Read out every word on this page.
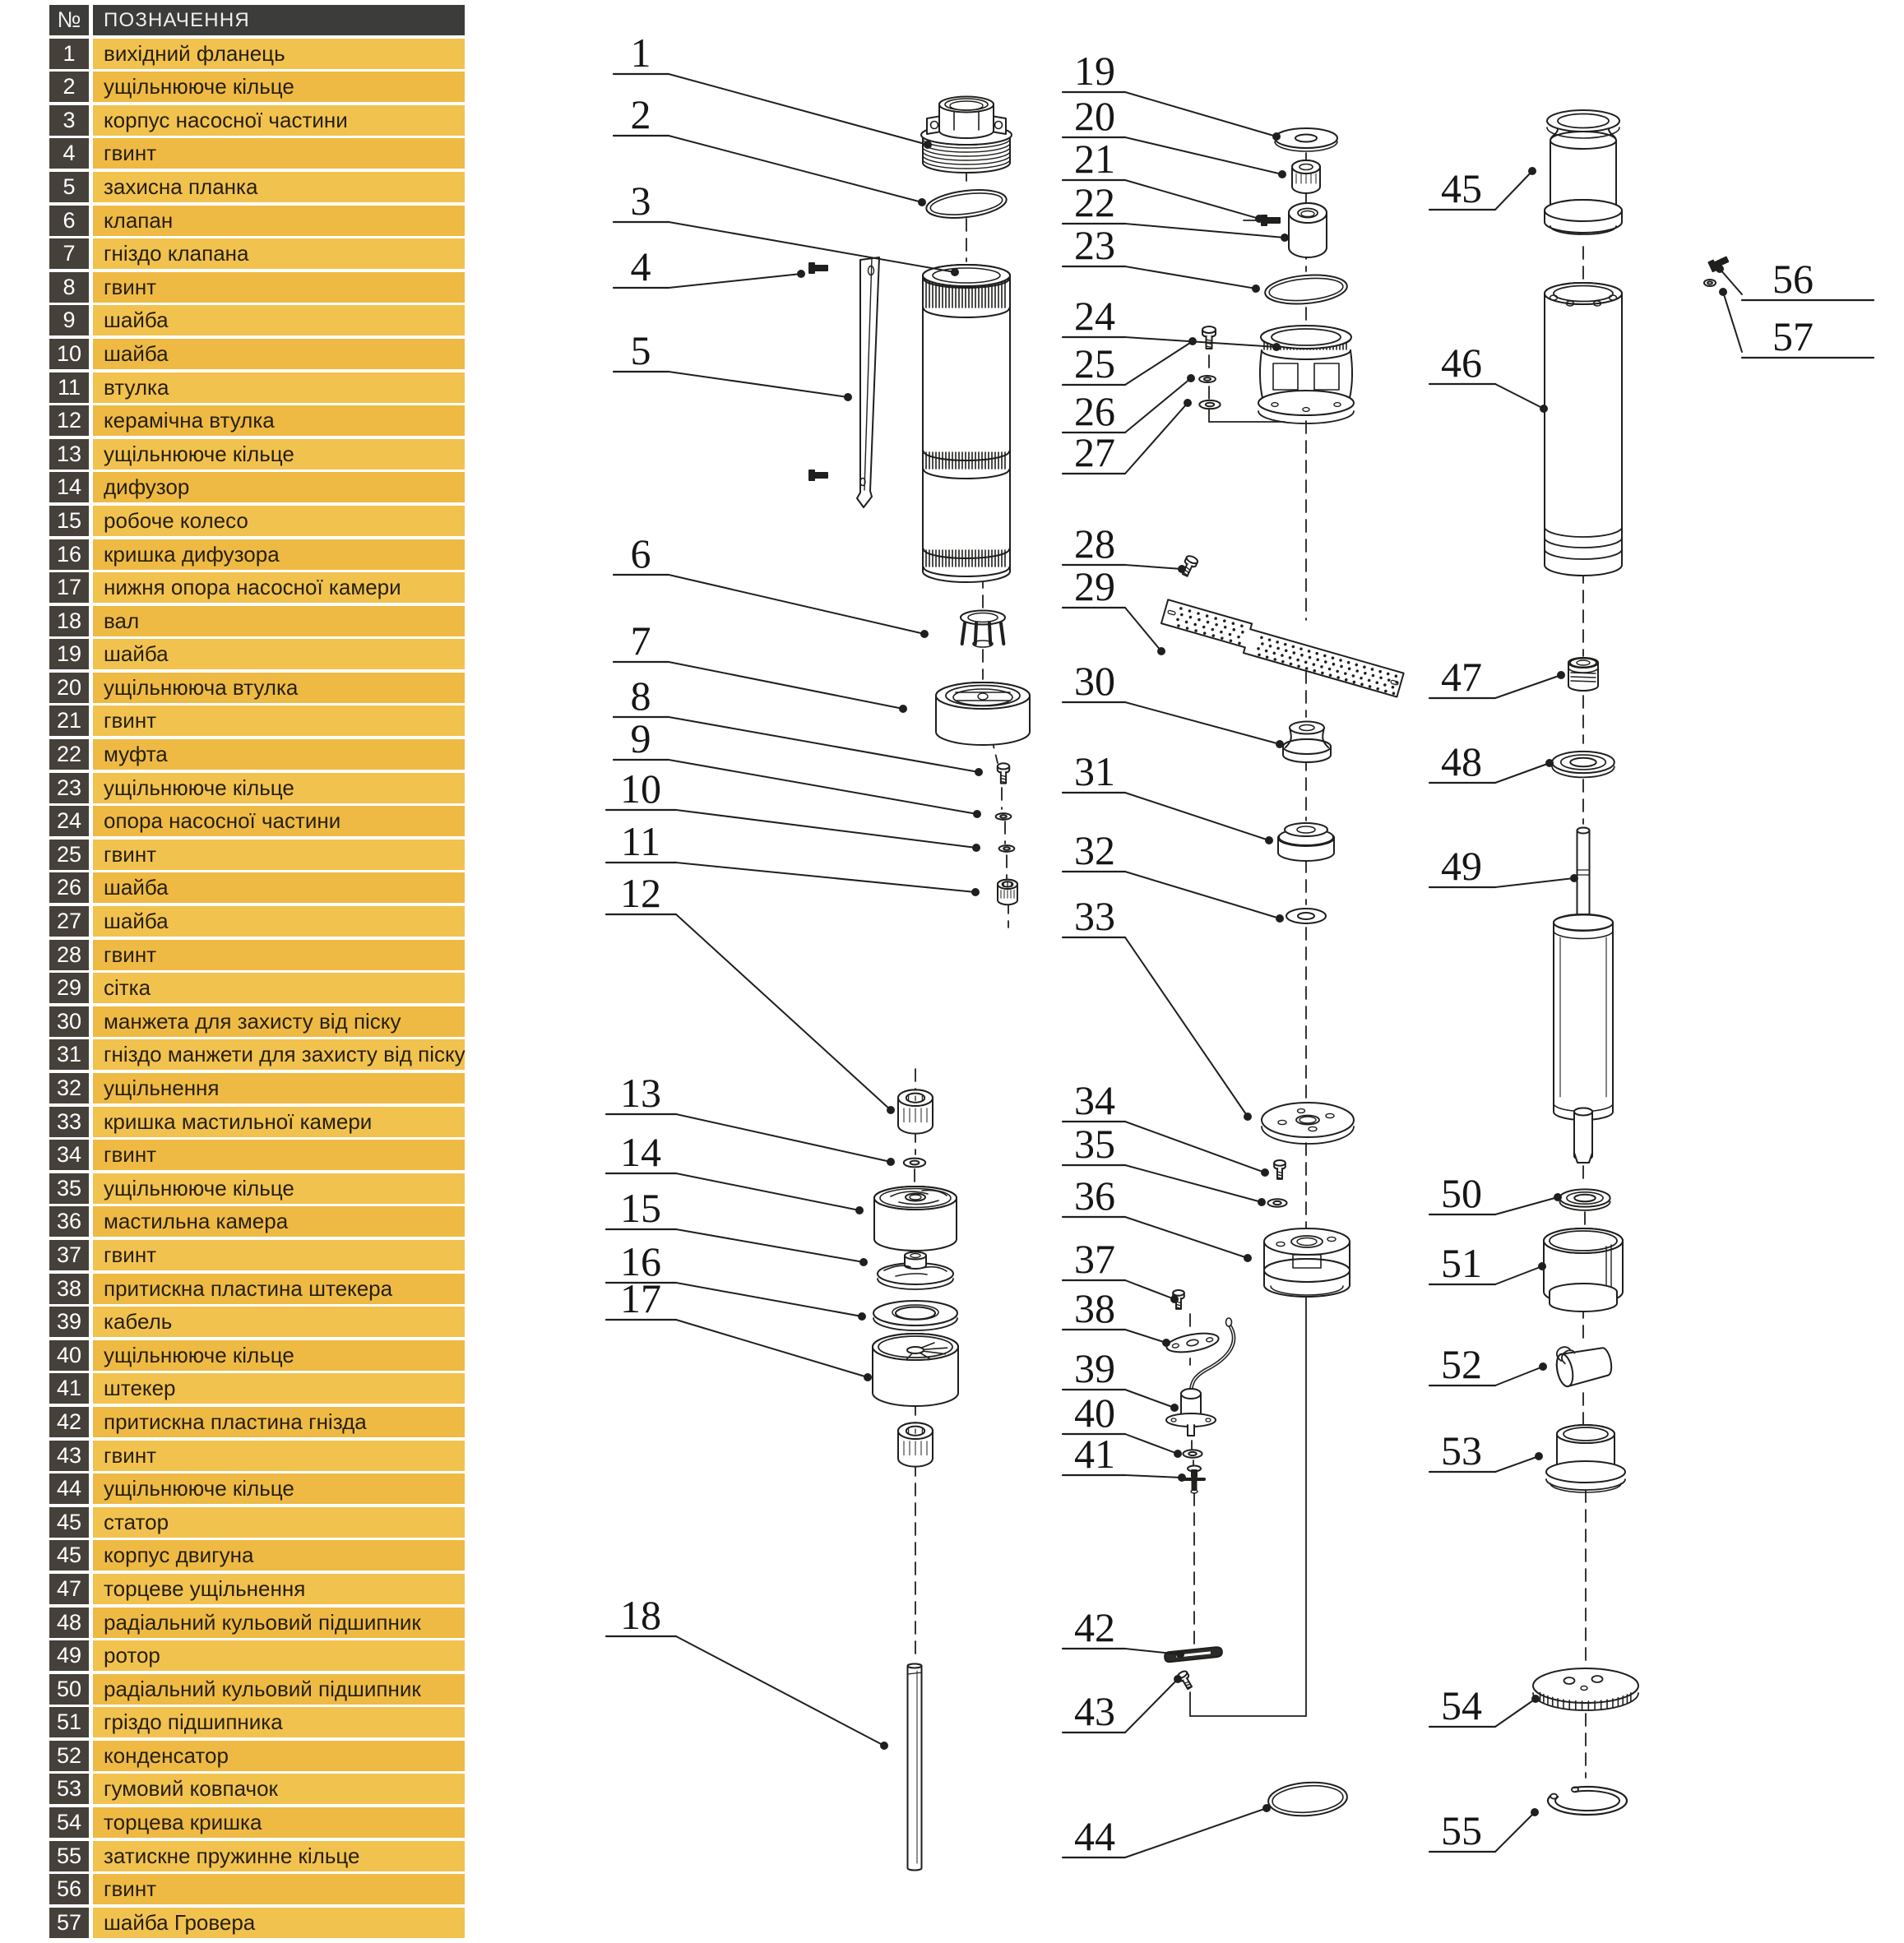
№	ПОЗНАЧЕННЯ
1	вихідний фланець
2	ущільнююче кільце
3	корпус насосної частини
4	гвинт
5	захисна планка
6	клапан
7	гніздо клапана
8	гвинт
9	шайба
10	шайба
11	втулка
12	керамічна втулка
13	ущільнююче кільце
14	дифузор
15	робоче колесо
16	кришка дифузора
17	нижня опора насосної камери
18	вал
19	шайба
20	ущільнююча втулка
21	гвинт
22	муфта
23	ущільнююче кільце
24	опора насосної частини
25	гвинт
26	шайба
27	шайба
28	гвинт
29	сітка
30	манжета для захисту від піску
31	гніздо манжети для захисту від піску
32	ущільнення
33	кришка мастильної камери
34	гвинт
35	ущільнююче кільце
36	мастильна камера
37	гвинт
38	притискна пластина штекера
39	кабель
40	ущільнююче кільце
41	штекер
42	притискна пластина гнізда
43	гвинт
44	ущільнююче кільце
45	статор
45	корпус двигуна
47	торцеве ущільнення
48	радіальний кульовий підшипник
49	ротор
50	радіальний кульовий підшипник
51	гріздо підшипника
52	конденсатор
53	гумовий ковпачок
54	торцева кришка
55	затискне пружинне кільце
56	гвинт
57	шайба Гровера
1
2
3
4
5
6
7
8
9
10
11
12
13
14
15
16
17
18
19
20
21
22
23
24
25
26
27
28
29
30
31
32
33
34
35
36
37
38
39
40
41
42
43
44
45
46
47
48
49
50
51
52
53
54
55
56
57
